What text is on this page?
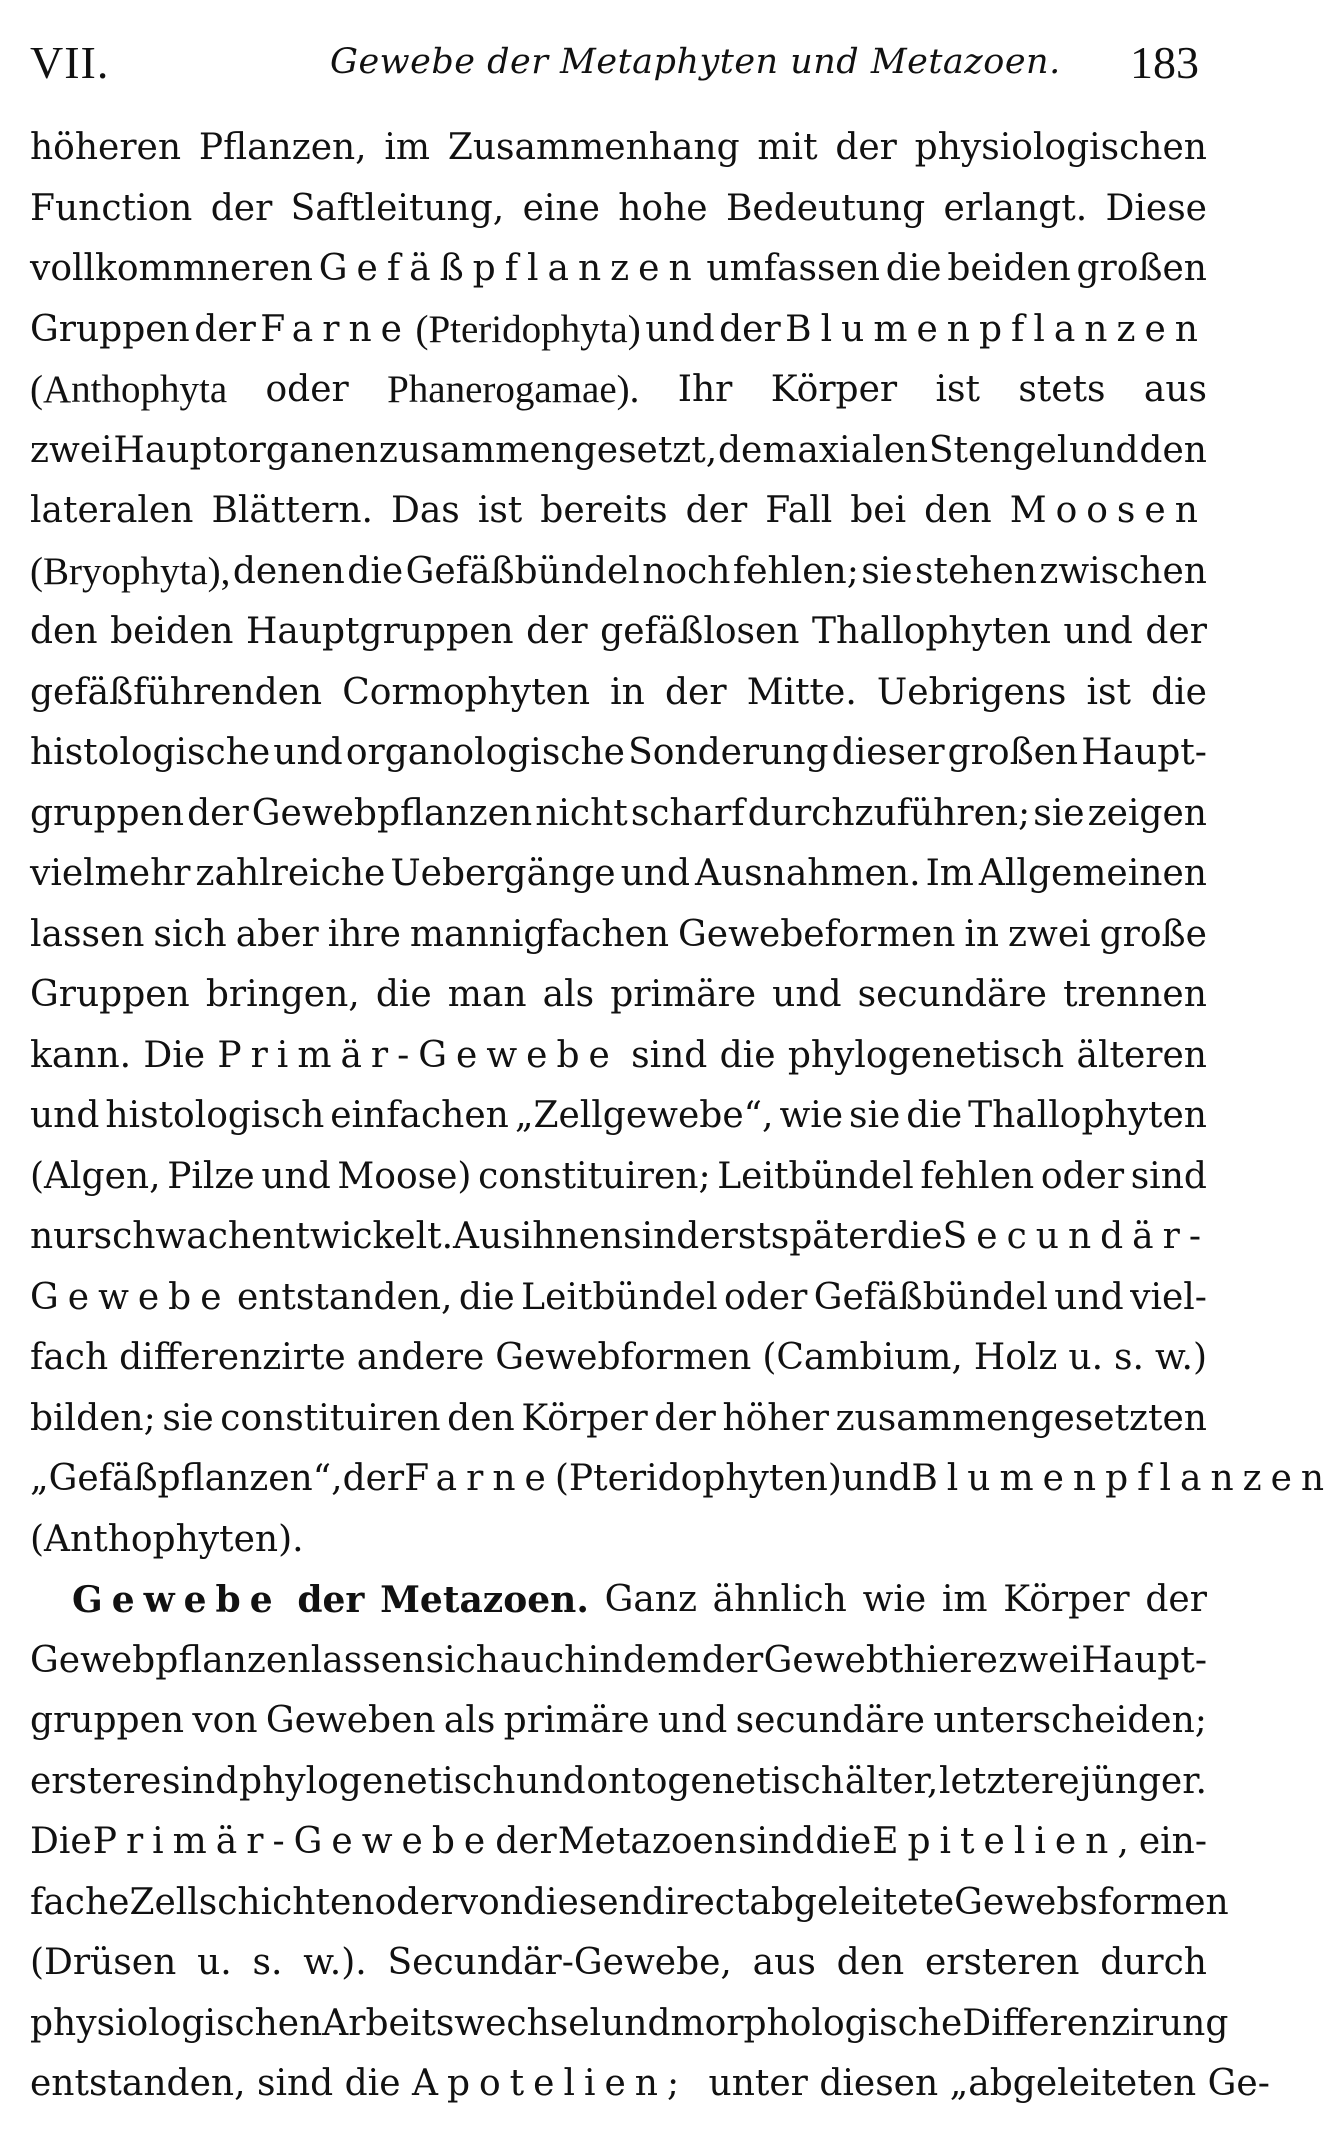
VII.	Gewebe der Metaphyten und Metazoen. 183
höheren Pflanzen, im Zusammenhang mit der physiologischen
Function der Saftleitung, eine hohe Bedeutung erlangt. Diese
vollkommneren Gefäßpflanzen umfassen die beiden großen
Gruppen der Farne (Pteridophyta) und der Blumenpflanzen
(Anthophyta oder Phanerogamae). Ihr Körper ist stets aus
zwei Hauptorganen zusammengesetzt, dem axialen Stengel und den
lateralen Blättern. Das ist bereits der Fall bei den Moosen
(Bryophyta), denen die Gefäßbündel noch fehlen; sie stehen zwischen
den beiden Hauptgruppen der gefäßlosen Thallophyten und der
gefäßführenden Cormophyten in der Mitte. Uebrigens ist die
histologische und organologische Sonderung dieser großen Haupt-
gruppen der Gewebpflanzen nicht scharf durchzuführen; sie zeigen
vielmehr zahlreiche Uebergänge und Ausnahmen. Im Allgemeinen
lassen sich aber ihre mannigfachen Gewebeformen in zwei große
Gruppen bringen, die man als primäre und secundäre trennen
kann. Die Primär-Gewebe sind die phylogenetisch älteren
und histologisch einfachen „Zellgewebe“, wie sie die Thallophyten
(Algen, Pilze und Moose) constituiren; Leitbündel fehlen oder sind
nur schwach entwickelt. Aus ihnen sind erst später die Secundär-
Gewebe entstanden, die Leitbündel oder Gefäßbündel und viel-
fach differenzirte andere Gewebformen (Cambium, Holz u. s. w.)
bilden; sie constituiren den Körper der höher zusammengesetzten
„Gefäßpflanzen“, der Farne (Pteridophyten) und Blumenpflanzen
(Anthophyten).
Gewebe der Metazoen. Ganz ähnlich wie im Körper der
Gewebpflanzen lassen sich auch in dem der Gewebthiere zwei Haupt-
gruppen von Geweben als primäre und secundäre unterscheiden;
erstere sind phylogenetisch und ontogenetisch älter, letztere jünger.
Die Primär-Gewebe der Metazoen sind die Epitelien, ein-
fache Zellschichten oder von diesen direct abgeleitete Gewebsformen
(Drüsen u. s. w.). Secundär-Gewebe, aus den ersteren durch
physiologischen Arbeitswechsel und morphologische Differenzirung
entstanden, sind die Apotelien; unter diesen „abgeleiteten Ge-
